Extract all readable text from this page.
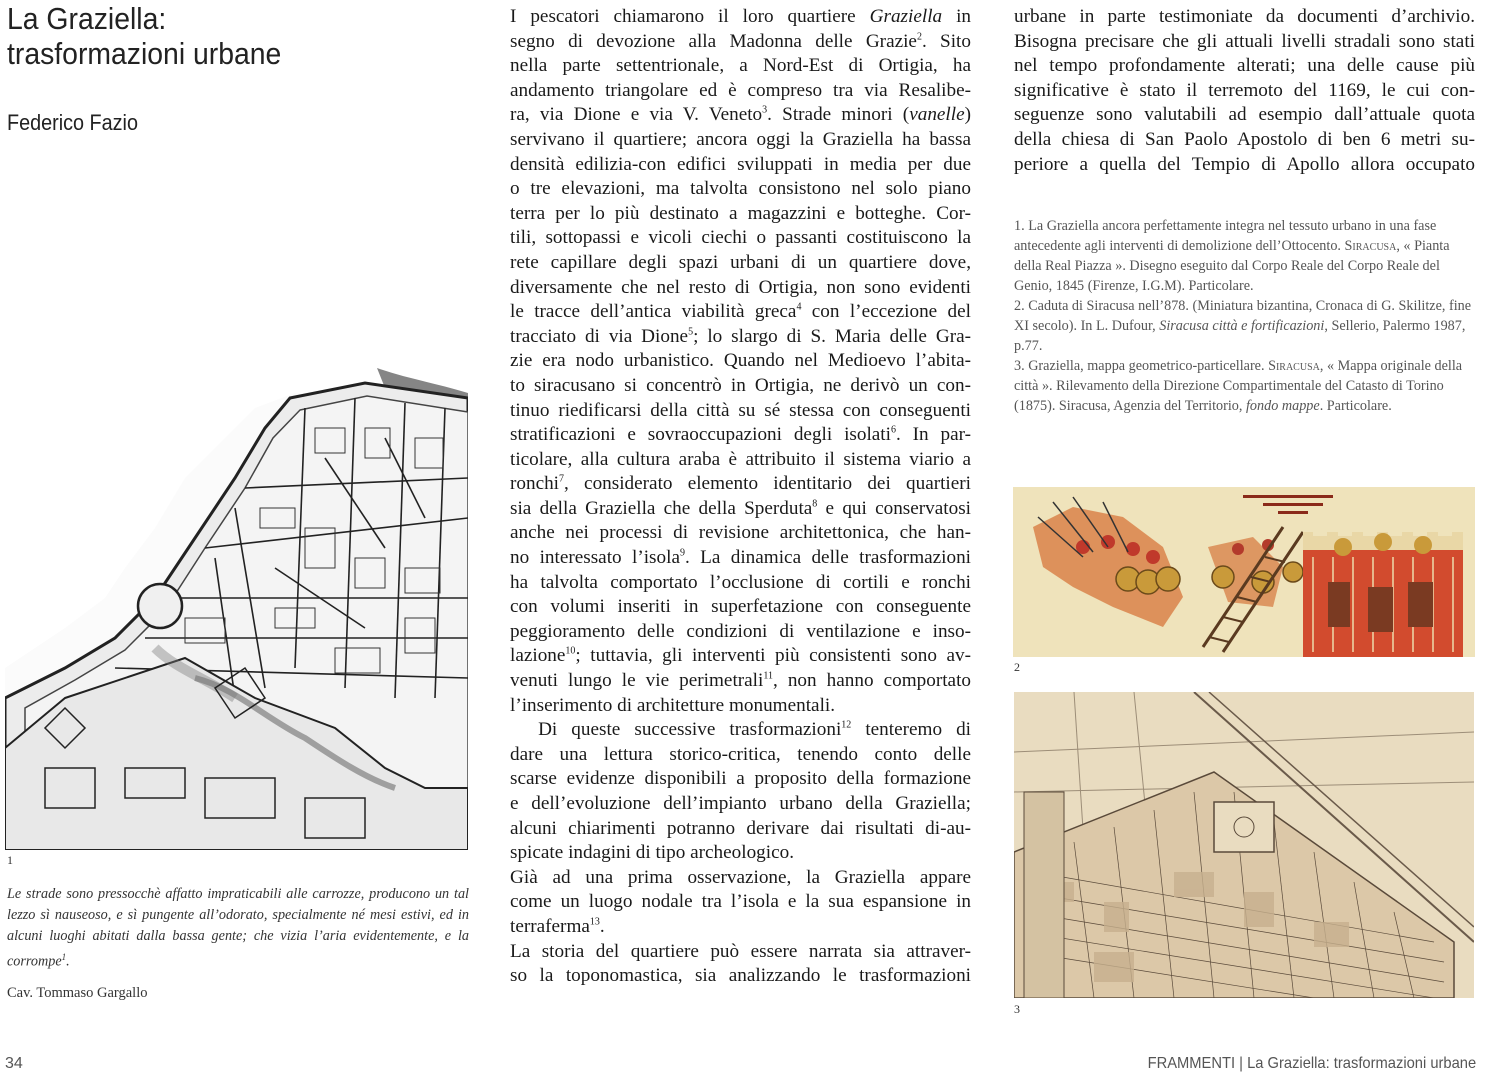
La Graziella:
trasformazioni urbane
Federico Fazio
1
Le strade sono pressocchè affatto impraticabili alle carrozze, producono un tal lezzo sì nauseoso, e sì pungente all’odorato, specialmente né mesi estivi, ed in alcuni luoghi abitati dalla bassa gente; che vizia l’aria evidentemente, e la corrompe$^1$.
Cav. Tommaso Gargallo
I pescatori chiamarono il loro quartiere Graziella in
segno di devozione alla Madonna delle Grazie$^2$. Sito
nella parte settentrionale, a Nord-Est di Ortigia, ha
andamento triangolare ed è compreso tra via Resalibe-
ra, via Dione e via V. Veneto$^3$. Strade minori (vanelle)
servivano il quartiere; ancora oggi la Graziella ha bassa
densità edilizia-con edifici sviluppati in media per due
o tre elevazioni, ma talvolta consistono nel solo piano
terra per lo più destinato a magazzini e botteghe. Cor-
tili, sottopassi e vicoli ciechi o passanti costituiscono la
rete capillare degli spazi urbani di un quartiere dove,
diversamente che nel resto di Ortigia, non sono evidenti
le tracce dell’antica viabilità greca$^4$ con l’eccezione del
tracciato di via Dione$^5$; lo slargo di S. Maria delle Gra-
zie era nodo urbanistico. Quando nel Medioevo l’abita-
to siracusano si concentrò in Ortigia, ne derivò un con-
tinuo riedificarsi della città su sé stessa con conseguenti
stratificazioni e sovraoccupazioni degli isolati$^6$. In par-
ticolare, alla cultura araba è attribuito il sistema viario a
ronchi$^7$, considerato elemento identitario dei quartieri
sia della Graziella che della Sperduta$^8$ e qui conservatosi
anche nei processi di revisione architettonica, che han-
no interessato l’isola$^9$. La dinamica delle trasformazioni
ha talvolta comportato l’occlusione di cortili e ronchi
con volumi inseriti in superfetazione con conseguente
peggioramento delle condizioni di ventilazione e inso-
lazione$^{10}$; tuttavia, gli interventi più consistenti sono av-
venuti lungo le vie perimetrali$^{11}$, non hanno comportato
l’inserimento di architetture monumentali.
Di queste successive trasformazioni$^{12}$ tenteremo di
dare una lettura storico-critica, tenendo conto delle
scarse evidenze disponibili a proposito della formazione
e dell’evoluzione dell’impianto urbano della Graziella;
alcuni chiarimenti potranno derivare dai risultati di-au-
spicate indagini di tipo archeologico.
Già ad una prima osservazione, la Graziella appare
come un luogo nodale tra l’isola e la sua espansione in
terraferma$^{13}$.
La storia del quartiere può essere narrata sia attraver-
so la toponomastica, sia analizzando le trasformazioni
urbane in parte testimoniate da documenti d’archivio.
Bisogna precisare che gli attuali livelli stradali sono stati
nel tempo profondamente alterati; una delle cause più
significative è stato il terremoto del 1169, le cui con-
seguenze sono valutabili ad esempio dall’attuale quota
della chiesa di San Paolo Apostolo di ben 6 metri su-
periore a quella del Tempio di Apollo allora occupato
1. La Graziella ancora perfettamente integra nel tessuto urbano in una fase antecedente agli interventi di demolizione dell’Ottocento. Siracusa, « Pianta della Real Piazza ». Disegno eseguito dal Corpo Reale del Corpo Reale del Genio, 1845 (Firenze, I.G.M). Particolare.
2. Caduta di Siracusa nell’878. (Miniatura bizantina, Cronaca di G. Skilitze, fine XI secolo). In L. Dufour, Siracusa città e fortificazioni, Sellerio, Palermo 1987, p.77.
3. Graziella, mappa geometrico-particellare. Siracusa, « Mappa originale della città ». Rilevamento della Direzione Compartimentale del Catasto di Torino (1875). Siracusa, Agenzia del Territorio, fondo mappe. Particolare.
2
3
34	FRAMMENTI | La Graziella: trasformazioni urbane
